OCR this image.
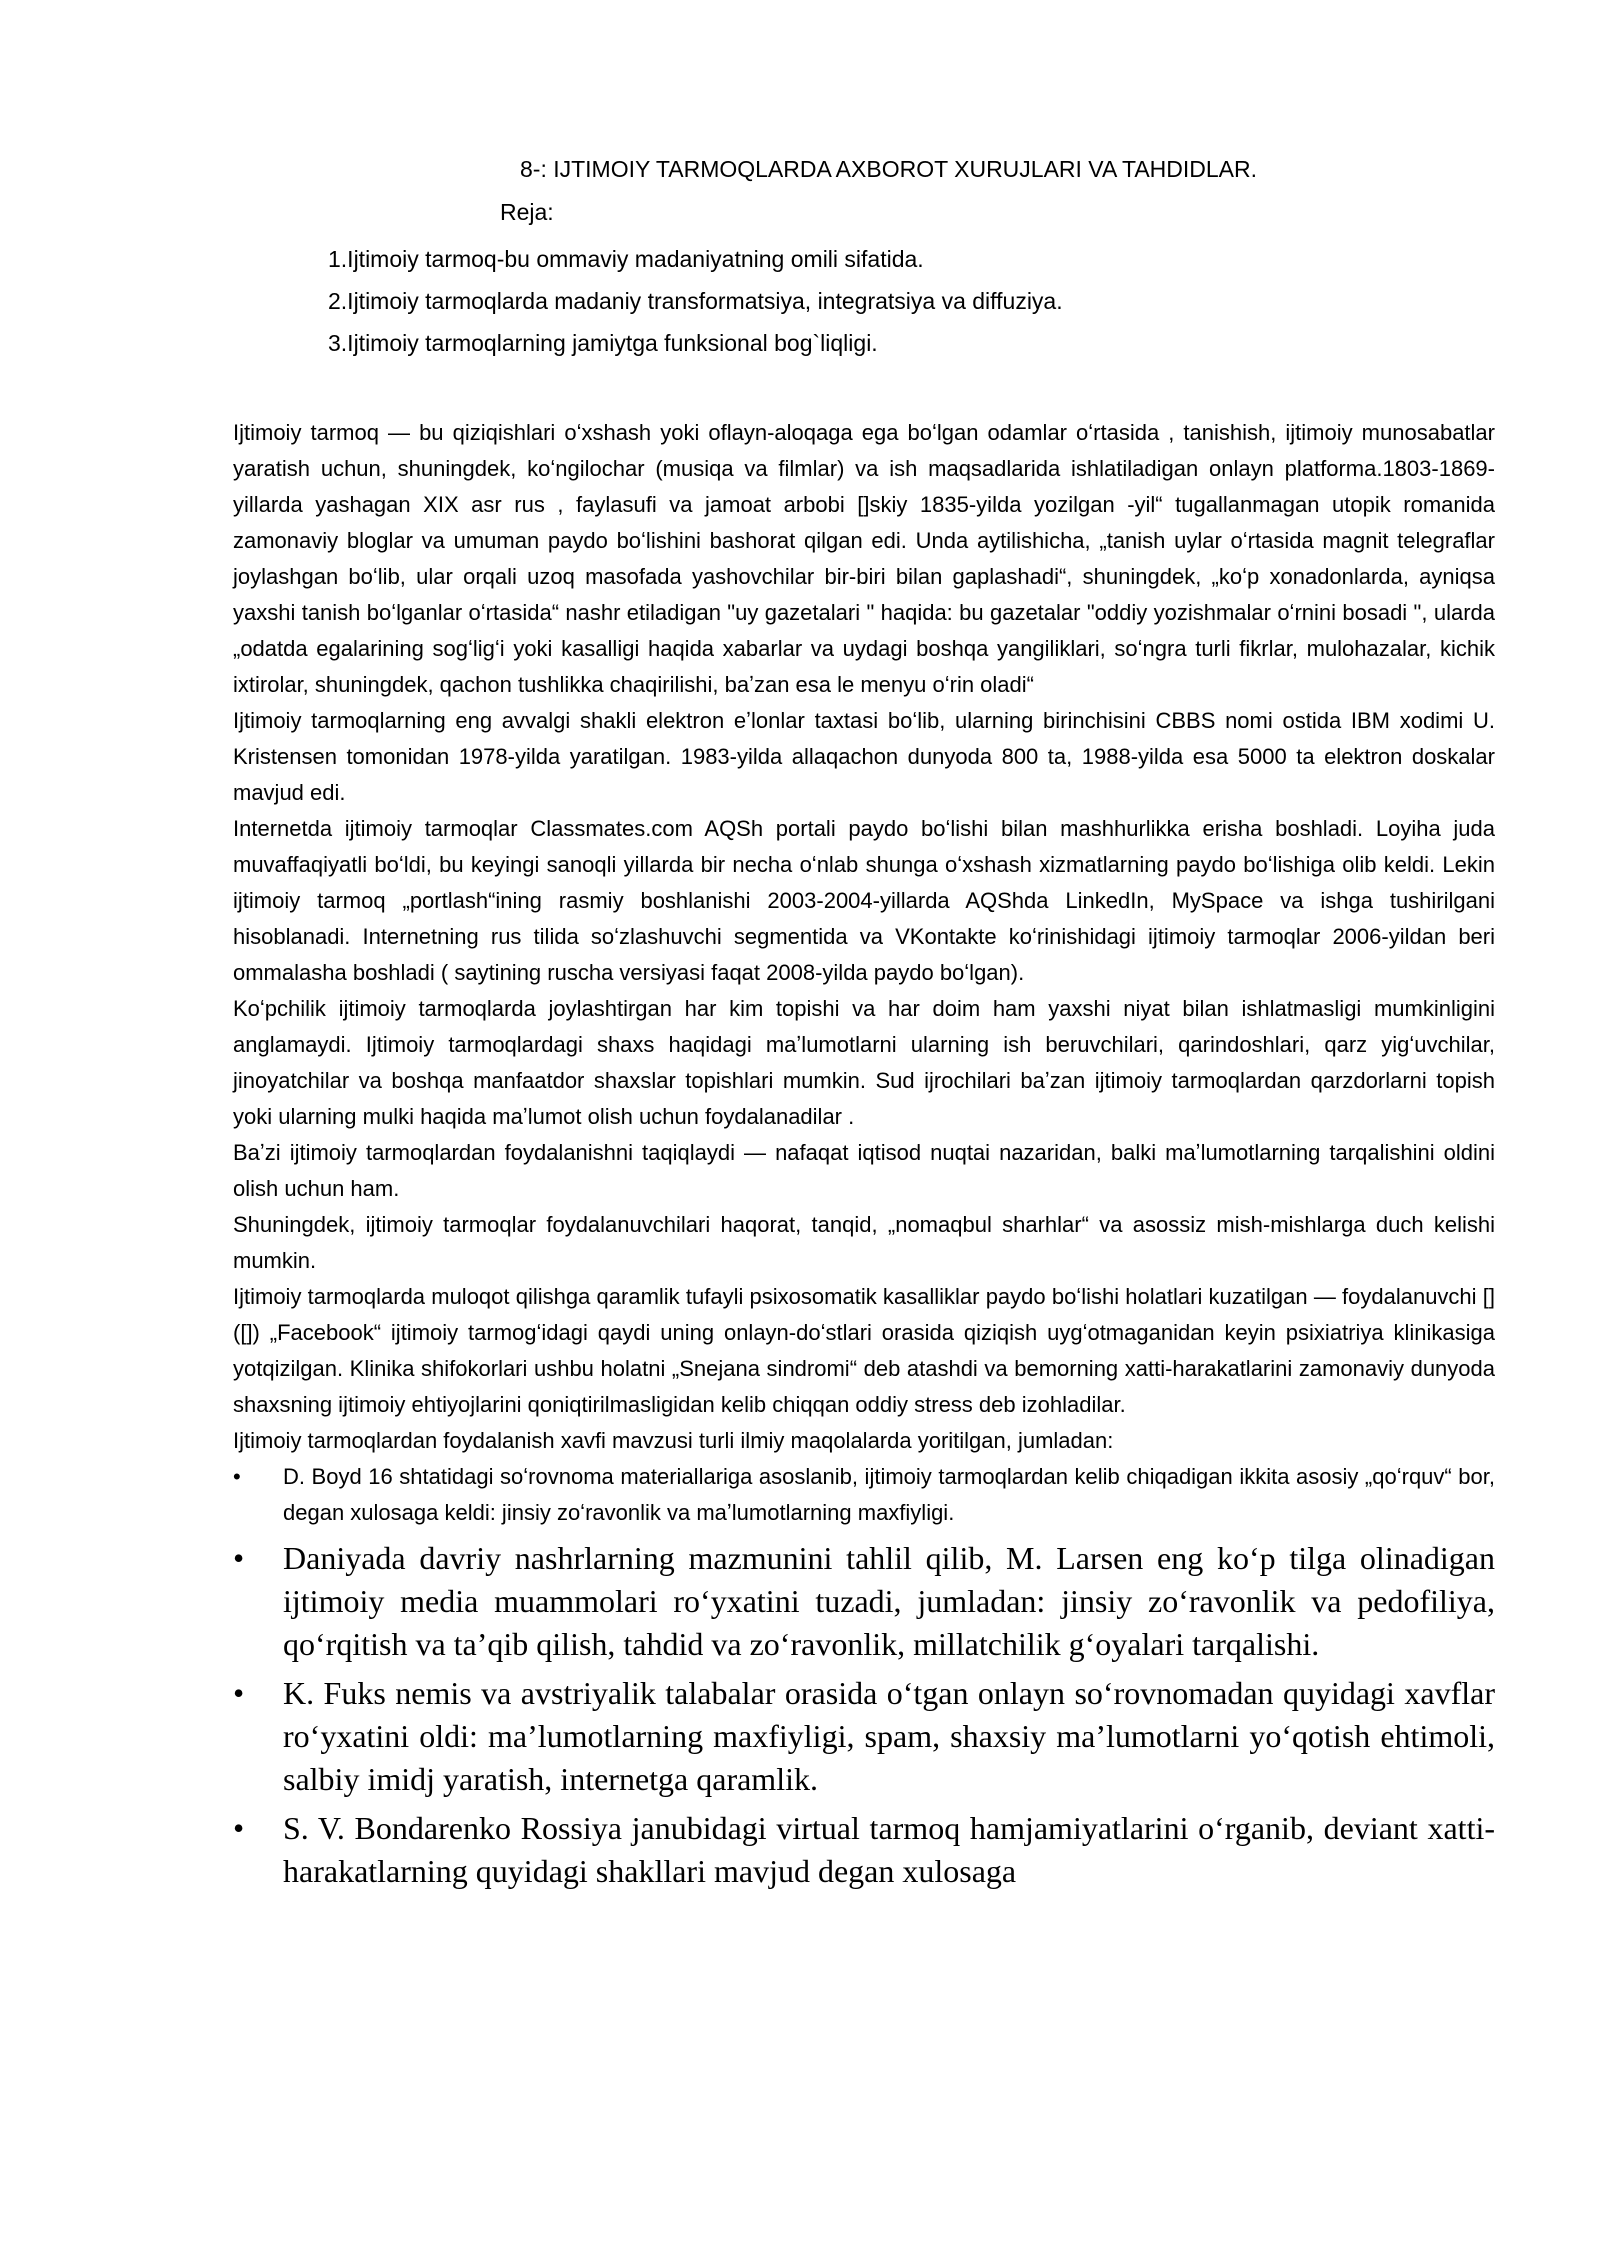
8-: IJTIMOIY TARMOQLARDA AXBOROT XURUJLARI VA TAHDIDLAR.
Reja:
1.Ijtimoiy tarmoq-bu ommaviy madaniyatning omili sifatida.
2.Ijtimoiy tarmoqlarda madaniy transformatsiya, integratsiya va diffuziya.
3.Ijtimoiy tarmoqlarning jamiytga funksional bog`liqligi.

Ijtimoiy tarmoq — bu qiziqishlari oʻxshash yoki oflayn-aloqaga ega boʻlgan odamlar oʻrtasida , tanishish, ijtimoiy munosabatlar yaratish uchun, shuningdek, koʻngilochar (musiqa va filmlar) va ish maqsadlarida ishlatiladigan onlayn platforma.1803-1869-yillarda yashagan XIX asr rus , faylasufi va jamoat arbobi []skiy 1835-yilda yozilgan -yil“ tugallanmagan utopik romanida zamonaviy bloglar va umuman paydo boʻlishini bashorat qilgan edi. Unda aytilishicha, „tanish uylar oʻrtasida magnit telegraflar joylashgan boʻlib, ular orqali uzoq masofada yashovchilar bir-biri bilan gaplashadi“, shuningdek, „koʻp xonadonlarda, ayniqsa yaxshi tanish boʻlganlar oʻrtasida“ nashr etiladigan "uy gazetalari " haqida: bu gazetalar "oddiy yozishmalar oʻrnini bosadi ", ularda „odatda egalarining sogʻligʻi yoki kasalligi haqida xabarlar va uydagi boshqa yangiliklari, soʻngra turli fikrlar, mulohazalar, kichik ixtirolar, shuningdek, qachon tushlikka chaqirilishi, baʼzan esa le menyu oʻrin oladi“

Ijtimoiy tarmoqlarning eng avvalgi shakli elektron eʼlonlar taxtasi boʻlib, ularning birinchisini CBBS nomi ostida IBM xodimi U. Kristensen tomonidan 1978-yilda yaratilgan. 1983-yilda allaqachon dunyoda 800 ta, 1988-yilda esa 5000 ta elektron doskalar mavjud edi.

Internetda ijtimoiy tarmoqlar Classmates.com AQSh portali paydo boʻlishi bilan mashhurlikka erisha boshladi. Loyiha juda muvaffaqiyatli boʻldi, bu keyingi sanoqli yillarda bir necha oʻnlab shunga oʻxshash xizmatlarning paydo boʻlishiga olib keldi. Lekin ijtimoiy tarmoq „portlash“ining rasmiy boshlanishi 2003-2004-yillarda AQShda LinkedIn, MySpace va ishga tushirilgani hisoblanadi. Internetning rus tilida soʻzlashuvchi segmentida va VKontakte koʻrinishidagi ijtimoiy tarmoqlar 2006-yildan beri ommalasha boshladi ( saytining ruscha versiyasi faqat 2008-yilda paydo boʻlgan).

Koʻpchilik ijtimoiy tarmoqlarda joylashtirgan har kim topishi va har doim ham yaxshi niyat bilan ishlatmasligi mumkinligini anglamaydi. Ijtimoiy tarmoqlardagi shaxs haqidagi maʼlumotlarni ularning ish beruvchilari, qarindoshlari, qarz yigʻuvchilar, jinoyatchilar va boshqa manfaatdor shaxslar topishlari mumkin. Sud ijrochilari baʼzan ijtimoiy tarmoqlardan qarzdorlarni topish yoki ularning mulki haqida maʼlumot olish uchun foydalanadilar .

Baʼzi ijtimoiy tarmoqlardan foydalanishni taqiqlaydi — nafaqat iqtisod nuqtai nazaridan, balki maʼlumotlarning tarqalishini oldini olish uchun ham.

Shuningdek, ijtimoiy tarmoqlar foydalanuvchilari haqorat, tanqid, „nomaqbul sharhlar“ va asossiz mish-mishlarga duch kelishi mumkin.

Ijtimoiy tarmoqlarda muloqot qilishga qaramlik tufayli psixosomatik kasalliklar paydo boʻlishi holatlari kuzatilgan — foydalanuvchi [] ([]) „Facebook“ ijtimoiy tarmogʻidagi qaydi uning onlayn-doʻstlari orasida qiziqish uygʻotmaganidan keyin psixiatriya klinikasiga yotqizilgan. Klinika shifokorlari ushbu holatni „Snejana sindromi“ deb atashdi va bemorning xatti-harakatlarini zamonaviy dunyoda shaxsning ijtimoiy ehtiyojlarini qoniqtirilmasligidan kelib chiqqan oddiy stress deb izohladilar.

Ijtimoiy tarmoqlardan foydalanish xavfi mavzusi turli ilmiy maqolalarda yoritilgan, jumladan:

• D. Boyd 16 shtatidagi soʻrovnoma materiallariga asoslanib, ijtimoiy tarmoqlardan kelib chiqadigan ikkita asosiy „qoʻrquv“ bor, degan xulosaga keldi: jinsiy zoʻravonlik va maʼlumotlarning maxfiyligi.
• Daniyada davriy nashrlarning mazmunini tahlil qilib, M. Larsen eng koʻp tilga olinadigan ijtimoiy media muammolari roʻyxatini tuzadi, jumladan: jinsiy zoʻravonlik va pedofiliya, qoʻrqitish va taʼqib qilish, tahdid va zoʻravonlik, millatchilik gʻoyalari tarqalishi.
• K. Fuks nemis va avstriyalik talabalar orasida oʻtgan onlayn soʻrovnomadan quyidagi xavflar roʻyxatini oldi: maʼlumotlarning maxfiyligi, spam, shaxsiy maʼlumotlarni yoʻqotish ehtimoli, salbiy imidj yaratish, internetga qaramlik.
• S. V. Bondarenko Rossiya janubidagi virtual tarmoq hamjamiyatlarini oʻrganib, deviant xatti-harakatlarning quyidagi shakllari mavjud degan xulosaga
